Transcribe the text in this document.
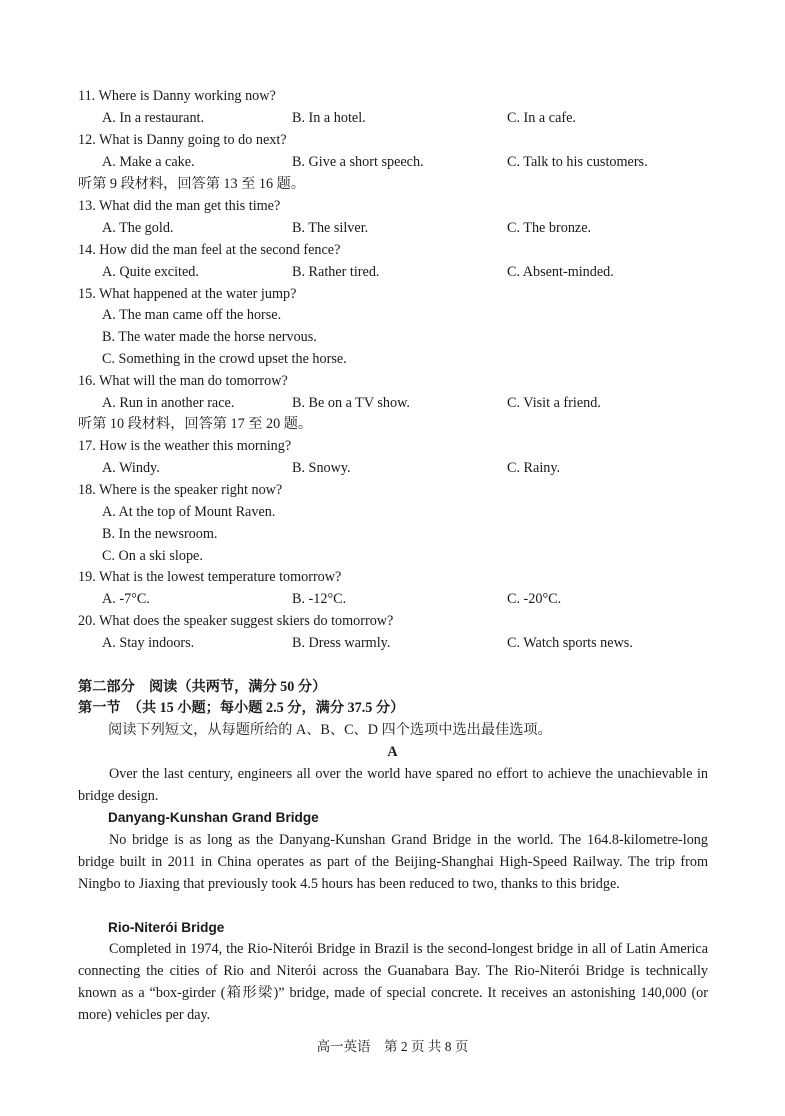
11. Where is Danny working now?
A. In a restaurant.	B. In a hotel.	C. In a cafe.
12. What is Danny going to do next?
A. Make a cake.	B. Give a short speech.	C. Talk to his customers.
听第 9 段材料，回答第 13 至 16 题。
13. What did the man get this time?
A. The gold.	B. The silver.	C. The bronze.
14. How did the man feel at the second fence?
A. Quite excited.	B. Rather tired.	C. Absent-minded.
15. What happened at the water jump?
A. The man came off the horse.
B. The water made the horse nervous.
C. Something in the crowd upset the horse.
16. What will the man do tomorrow?
A. Run in another race.	B. Be on a TV show.	C. Visit a friend.
听第 10 段材料，回答第 17 至 20 题。
17. How is the weather this morning?
A. Windy.	B. Snowy.	C. Rainy.
18. Where is the speaker right now?
A. At the top of Mount Raven.
B. In the newsroom.
C. On a ski slope.
19. What is the lowest temperature tomorrow?
A. -7°C.	B. -12°C.	C. -20°C.
20. What does the speaker suggest skiers do tomorrow?
A. Stay indoors.	B. Dress warmly.	C. Watch sports news.
第二部分　阅读（共两节，满分 50 分）
第一节　（共 15 小题；每小题 2.5 分，满分 37.5 分）
阅读下列短文，从每题所给的 A、B、C、D 四个选项中选出最佳选项。
A
Over the last century, engineers all over the world have spared no effort to achieve the unachievable in bridge design.
Danyang-Kunshan Grand Bridge
No bridge is as long as the Danyang-Kunshan Grand Bridge in the world. The 164.8-kilometre-long bridge built in 2011 in China operates as part of the Beijing-Shanghai High-Speed Railway. The trip from Ningbo to Jiaxing that previously took 4.5 hours has been reduced to two, thanks to this bridge.
Rio-Niterói Bridge
Completed in 1974, the Rio-Niterói Bridge in Brazil is the second-longest bridge in all of Latin America connecting the cities of Rio and Niterói across the Guanabara Bay. The Rio-Niterói Bridge is technically known as a “box-girder (箱形梁)” bridge, made of special concrete. It receives an astonishing 140,000 (or more) vehicles per day.
高一英语　第 2 页 共 8 页
